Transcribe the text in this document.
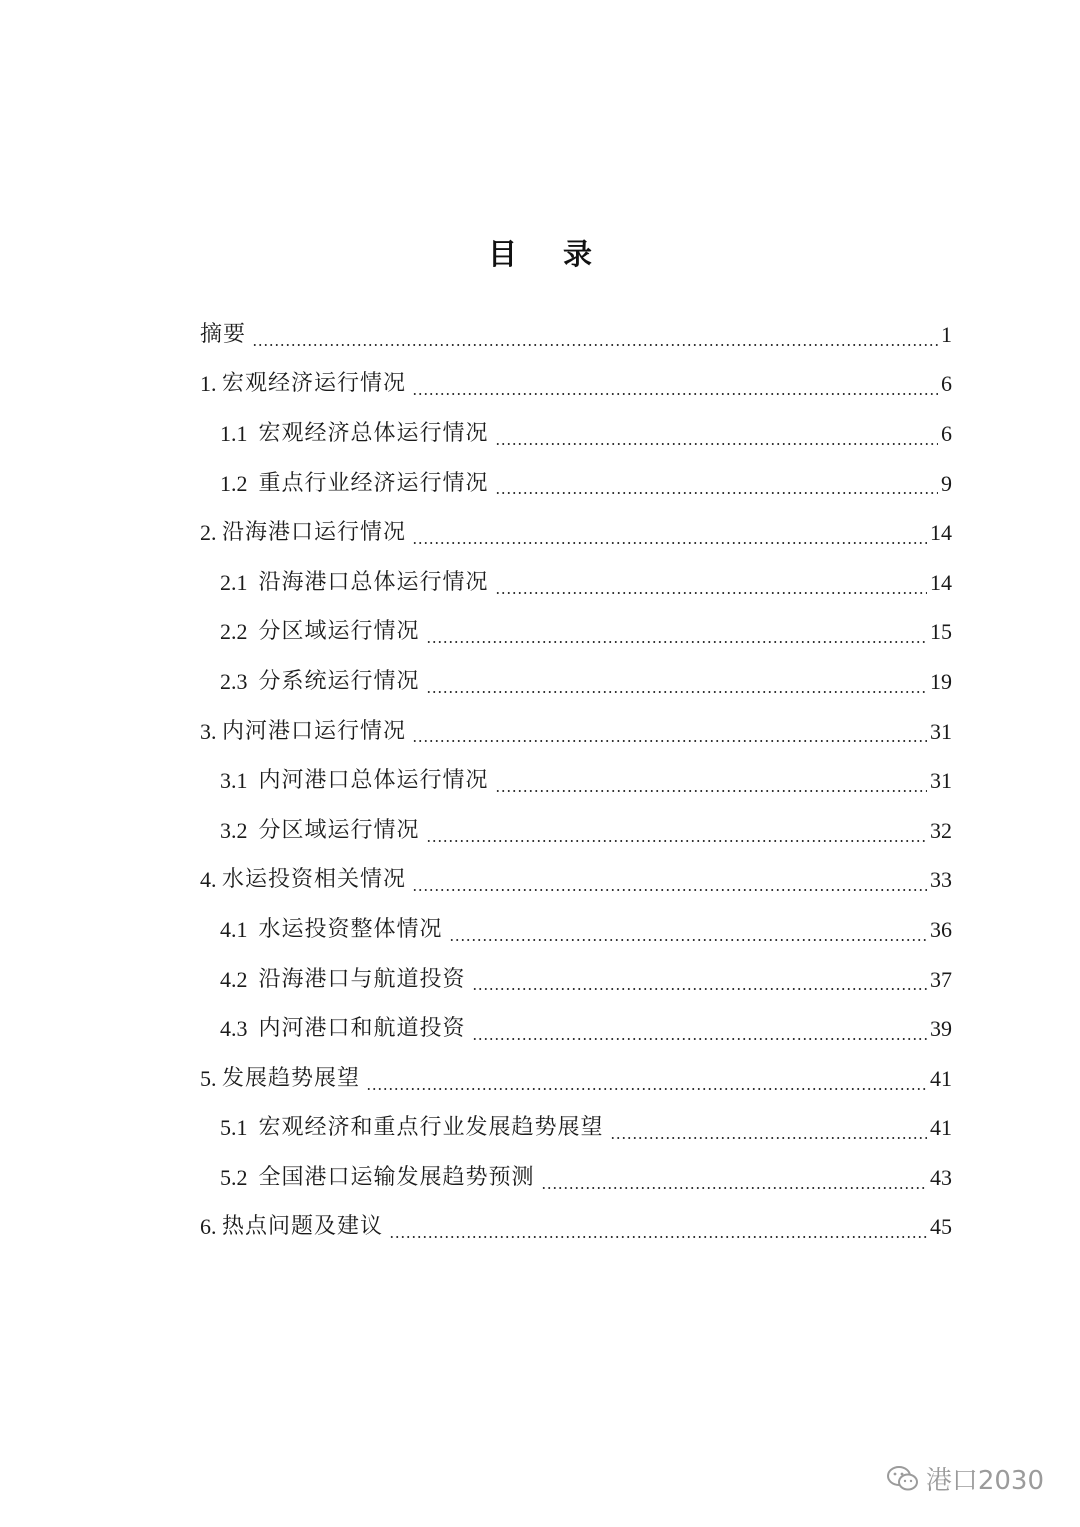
目 录
摘要	1
1. 宏观经济运行情况	6
1.1 宏观经济总体运行情况	6
1.2 重点行业经济运行情况	9
2. 沿海港口运行情况	14
2.1 沿海港口总体运行情况	14
2.2 分区域运行情况	15
2.3 分系统运行情况	19
3. 内河港口运行情况	31
3.1 内河港口总体运行情况	31
3.2 分区域运行情况	32
4. 水运投资相关情况	33
4.1 水运投资整体情况	36
4.2 沿海港口与航道投资	37
4.3 内河港口和航道投资	39
5. 发展趋势展望	41
5.1 宏观经济和重点行业发展趋势展望	41
5.2 全国港口运输发展趋势预测	43
6. 热点问题及建议	45
港口2030
